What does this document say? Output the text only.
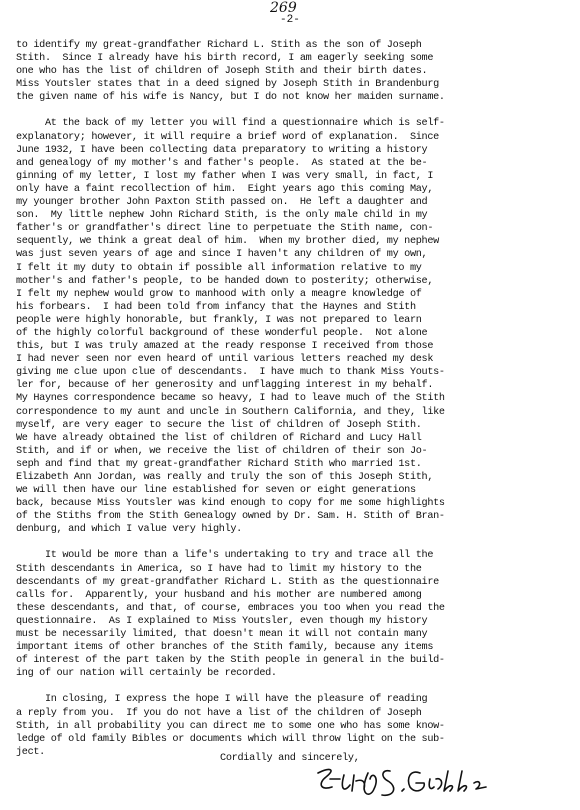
269
-2-
to identify my great-grandfather Richard L. Stith as the son of Joseph
Stith.  Since I already have his birth record, I am eagerly seeking some
one who has the list of children of Joseph Stith and their birth dates.
Miss Youtsler states that in a deed signed by Joseph Stith in Brandenburg
the given name of his wife is Nancy, but I do not know her maiden surname.
At the back of my letter you will find a questionnaire which is self-
explanatory; however, it will require a brief word of explanation.  Since
June 1932, I have been collecting data preparatory to writing a history
and genealogy of my mother's and father's people.  As stated at the be-
ginning of my letter, I lost my father when I was very small, in fact, I
only have a faint recollection of him.  Eight years ago this coming May,
my younger brother John Paxton Stith passed on.  He left a daughter and
son.  My little nephew John Richard Stith, is the only male child in my
father's or grandfather's direct line to perpetuate the Stith name, con-
sequently, we think a great deal of him.  When my brother died, my nephew
was just seven years of age and since I haven't any children of my own,
I felt it my duty to obtain if possible all information relative to my
mother's and father's people, to be handed down to posterity; otherwise,
I felt my nephew would grow to manhood with only a meagre knowledge of
his forbears.  I had been told from infancy that the Haynes and Stith
people were highly honorable, but frankly, I was not prepared to learn
of the highly colorful background of these wonderful people.  Not alone
this, but I was truly amazed at the ready response I received from those
I had never seen nor even heard of until various letters reached my desk
giving me clue upon clue of descendants.  I have much to thank Miss Youts-
ler for, because of her generosity and unflagging interest in my behalf.
My Haynes correspondence became so heavy, I had to leave much of the Stith
correspondence to my aunt and uncle in Southern California, and they, like
myself, are very eager to secure the list of children of Joseph Stith.
We have already obtained the list of children of Richard and Lucy Hall
Stith, and if or when, we receive the list of children of their son Jo-
seph and find that my great-grandfather Richard Stith who married 1st.
Elizabeth Ann Jordan, was really and truly the son of this Joseph Stith,
we will then have our line established for seven or eight generations
back, because Miss Youtsler was kind enough to copy for me some highlights
of the Stiths from the Stith Genealogy owned by Dr. Sam. H. Stith of Bran-
denburg, and which I value very highly.
It would be more than a life's undertaking to try and trace all the
Stith descendants in America, so I have had to limit my history to the
descendants of my great-grandfather Richard L. Stith as the questionnaire
calls for.  Apparently, your husband and his mother are numbered among
these descendants, and that, of course, embraces you too when you read the
questionnaire.  As I explained to Miss Youtsler, even though my history
must be necessarily limited, that doesn't mean it will not contain many
important items of other branches of the Stith family, because any items
of interest of the part taken by the Stith people in general in the build-
ing of our nation will certainly be recorded.
In closing, I express the hope I will have the pleasure of reading
a reply from you.  If you do not have a list of the children of Joseph
Stith, in all probability you can direct me to some one who has some know-
ledge of old family Bibles or documents which will throw light on the sub-
ject.
Cordially and sincerely,
